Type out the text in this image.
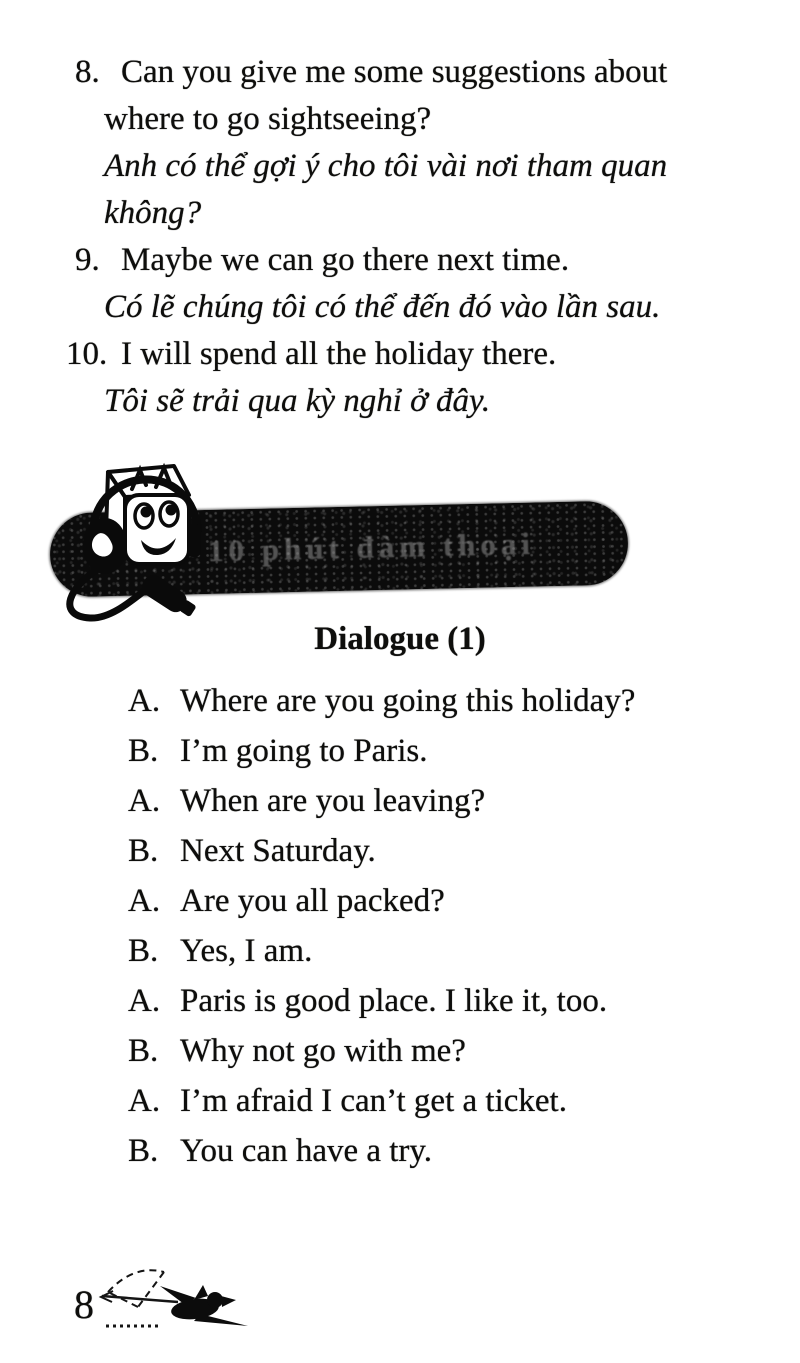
8. Can you give me some suggestions about
where to go sightseeing?
Anh có thể gợi ý cho tôi vài nơi tham quan
không?
9. Maybe we can go there next time.
Có lẽ chúng tôi có thể đến đó vào lần sau.
10. I will spend all the holiday there.
Tôi sẽ trải qua kỳ nghỉ ở đây.
10 phút đàm thoại
Dialogue (1)
A. Where are you going this holiday?
B. I’m going to Paris.
A. When are you leaving?
B. Next Saturday.
A. Are you all packed?
B. Yes, I am.
A. Paris is good place. I like it, too.
B. Why not go with me?
A. I’m afraid I can’t get a ticket.
B. You can have a try.
8
